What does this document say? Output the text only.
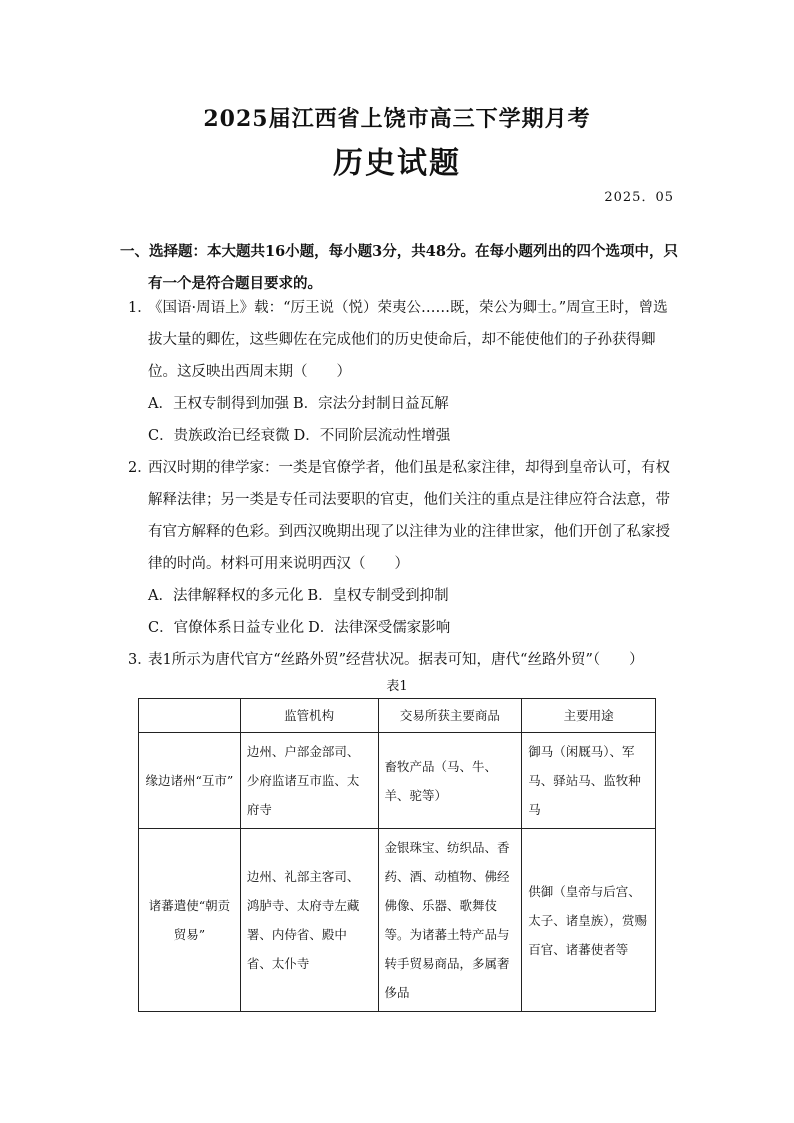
2025届江西省上饶市高三下学期月考
历史试题
2025．05
一、选择题：本大题共16小题，每小题3分，共48分。在每小题列出的四个选项中，只
有一个是符合题目要求的。
1．
《国语·周语上》载：“厉王说（悦）荣夷公……既，荣公为卿士。”周宣王时，曾选拔大量的卿佐，这些卿佐在完成他们的历史使命后，却不能使他们的子孙获得卿位。这反映出西周末期（　　）
A．王权专制得到加强 B．宗法分封制日益瓦解
C．贵族政治已经衰微 D．不同阶层流动性增强
2．
西汉时期的律学家：一类是官僚学者，他们虽是私家注律，却得到皇帝认可，有权解释法律；另一类是专任司法要职的官吏，他们关注的重点是注律应符合法意，带有官方解释的色彩。到西汉晚期出现了以注律为业的注律世家，他们开创了私家授律的时尚。材料可用来说明西汉（　　）
A．法律解释权的多元化 B．皇权专制受到抑制
C．官僚体系日益专业化 D．法律深受儒家影响
3．
表1所示为唐代官方“丝路外贸”经营状况。据表可知，唐代“丝路外贸”（　　）
表1
	监管机构	交易所获主要商品	主要用途
缘边诸州“互市”	边州、户部金部司、少府监诸互市监、太府寺	畜牧产品（马、牛、羊、驼等）	御马（闲厩马）、军马、驿站马、监牧种马
诸蕃遣使“朝贡贸易”	边州、礼部主客司、鸿胪寺、太府寺左藏署、内侍省、殿中省、太仆寺	金银珠宝、纺织品、香药、酒、动植物、佛经佛像、乐器、歌舞伎等。为诸蕃土特产品与转手贸易商品，多属奢侈品	供御（皇帝与后宫、太子、诸皇族），赏赐百官、诸蕃使者等
